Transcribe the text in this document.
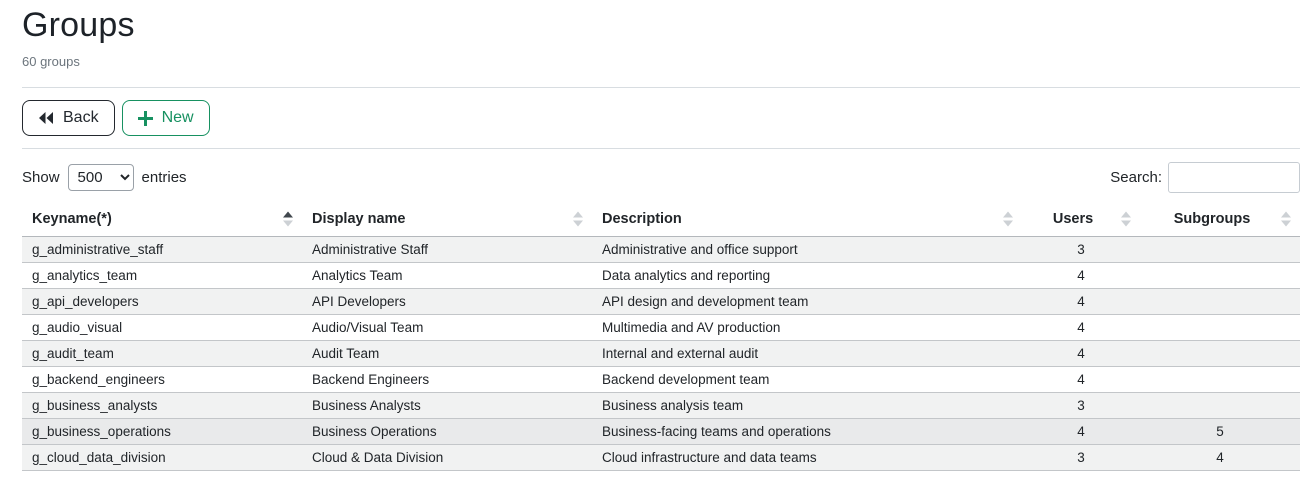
Groups
60 groups
Back	New
Show
500	entries	Search:
Keyname(*)	Display name	Description	Users	Subgroups

g_administrative_staff	Administrative Staff	Administrative and office support	3	
g_analytics_team	Analytics Team	Data analytics and reporting	4	
g_api_developers	API Developers	API design and development team	4	
g_audio_visual	Audio/Visual Team	Multimedia and AV production	4	
g_audit_team	Audit Team	Internal and external audit	4	
g_backend_engineers	Backend Engineers	Backend development team	4	
g_business_analysts	Business Analysts	Business analysis team	3	
g_business_operations	Business Operations	Business-facing teams and operations	4	5
g_cloud_data_division	Cloud & Data Division	Cloud infrastructure and data teams	3	4
